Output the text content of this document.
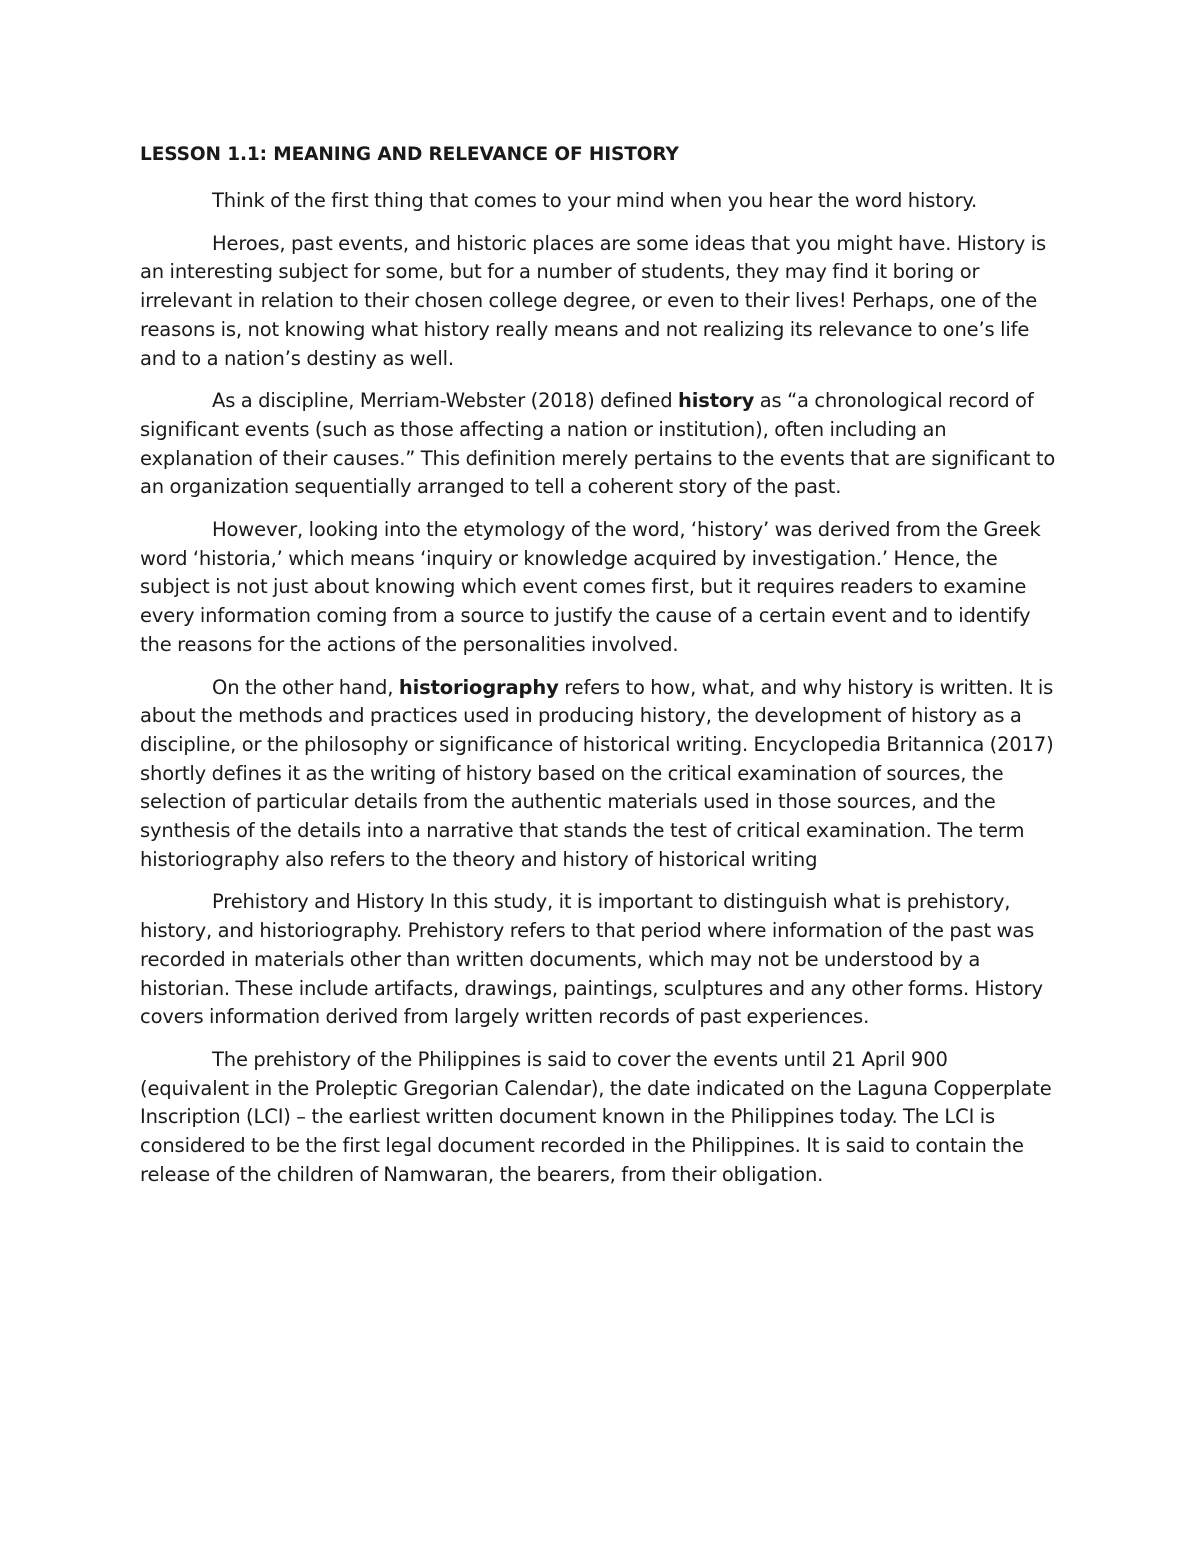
LESSON 1.1: MEANING AND RELEVANCE OF HISTORY

Think of the first thing that comes to your mind when you hear the word history.

Heroes, past events, and historic places are some ideas that you might have. History is an interesting subject for some, but for a number of students, they may find it boring or irrelevant in relation to their chosen college degree, or even to their lives! Perhaps, one of the reasons is, not knowing what history really means and not realizing its relevance to one’s life and to a nation’s destiny as well.

As a discipline, Merriam-Webster (2018) defined history as “a chronological record of significant events (such as those affecting a nation or institution), often including an explanation of their causes.” This definition merely pertains to the events that are significant to an organization sequentially arranged to tell a coherent story of the past.

However, looking into the etymology of the word, ‘history’ was derived from the Greek word ‘historia,’ which means ‘inquiry or knowledge acquired by investigation.’ Hence, the subject is not just about knowing which event comes first, but it requires readers to examine every information coming from a source to justify the cause of a certain event and to identify the reasons for the actions of the personalities involved.

On the other hand, historiography refers to how, what, and why history is written. It is about the methods and practices used in producing history, the development of history as a discipline, or the philosophy or significance of historical writing. Encyclopedia Britannica (2017) shortly defines it as the writing of history based on the critical examination of sources, the selection of particular details from the authentic materials used in those sources, and the synthesis of the details into a narrative that stands the test of critical examination. The term historiography also refers to the theory and history of historical writing

Prehistory and History In this study, it is important to distinguish what is prehistory, history, and historiography. Prehistory refers to that period where information of the past was recorded in materials other than written documents, which may not be understood by a historian. These include artifacts, drawings, paintings, sculptures and any other forms. History covers information derived from largely written records of past experiences.

The prehistory of the Philippines is said to cover the events until 21 April 900 (equivalent in the Proleptic Gregorian Calendar), the date indicated on the Laguna Copperplate Inscription (LCI) – the earliest written document known in the Philippines today. The LCI is considered to be the first legal document recorded in the Philippines. It is said to contain the release of the children of Namwaran, the bearers, from their obligation.
